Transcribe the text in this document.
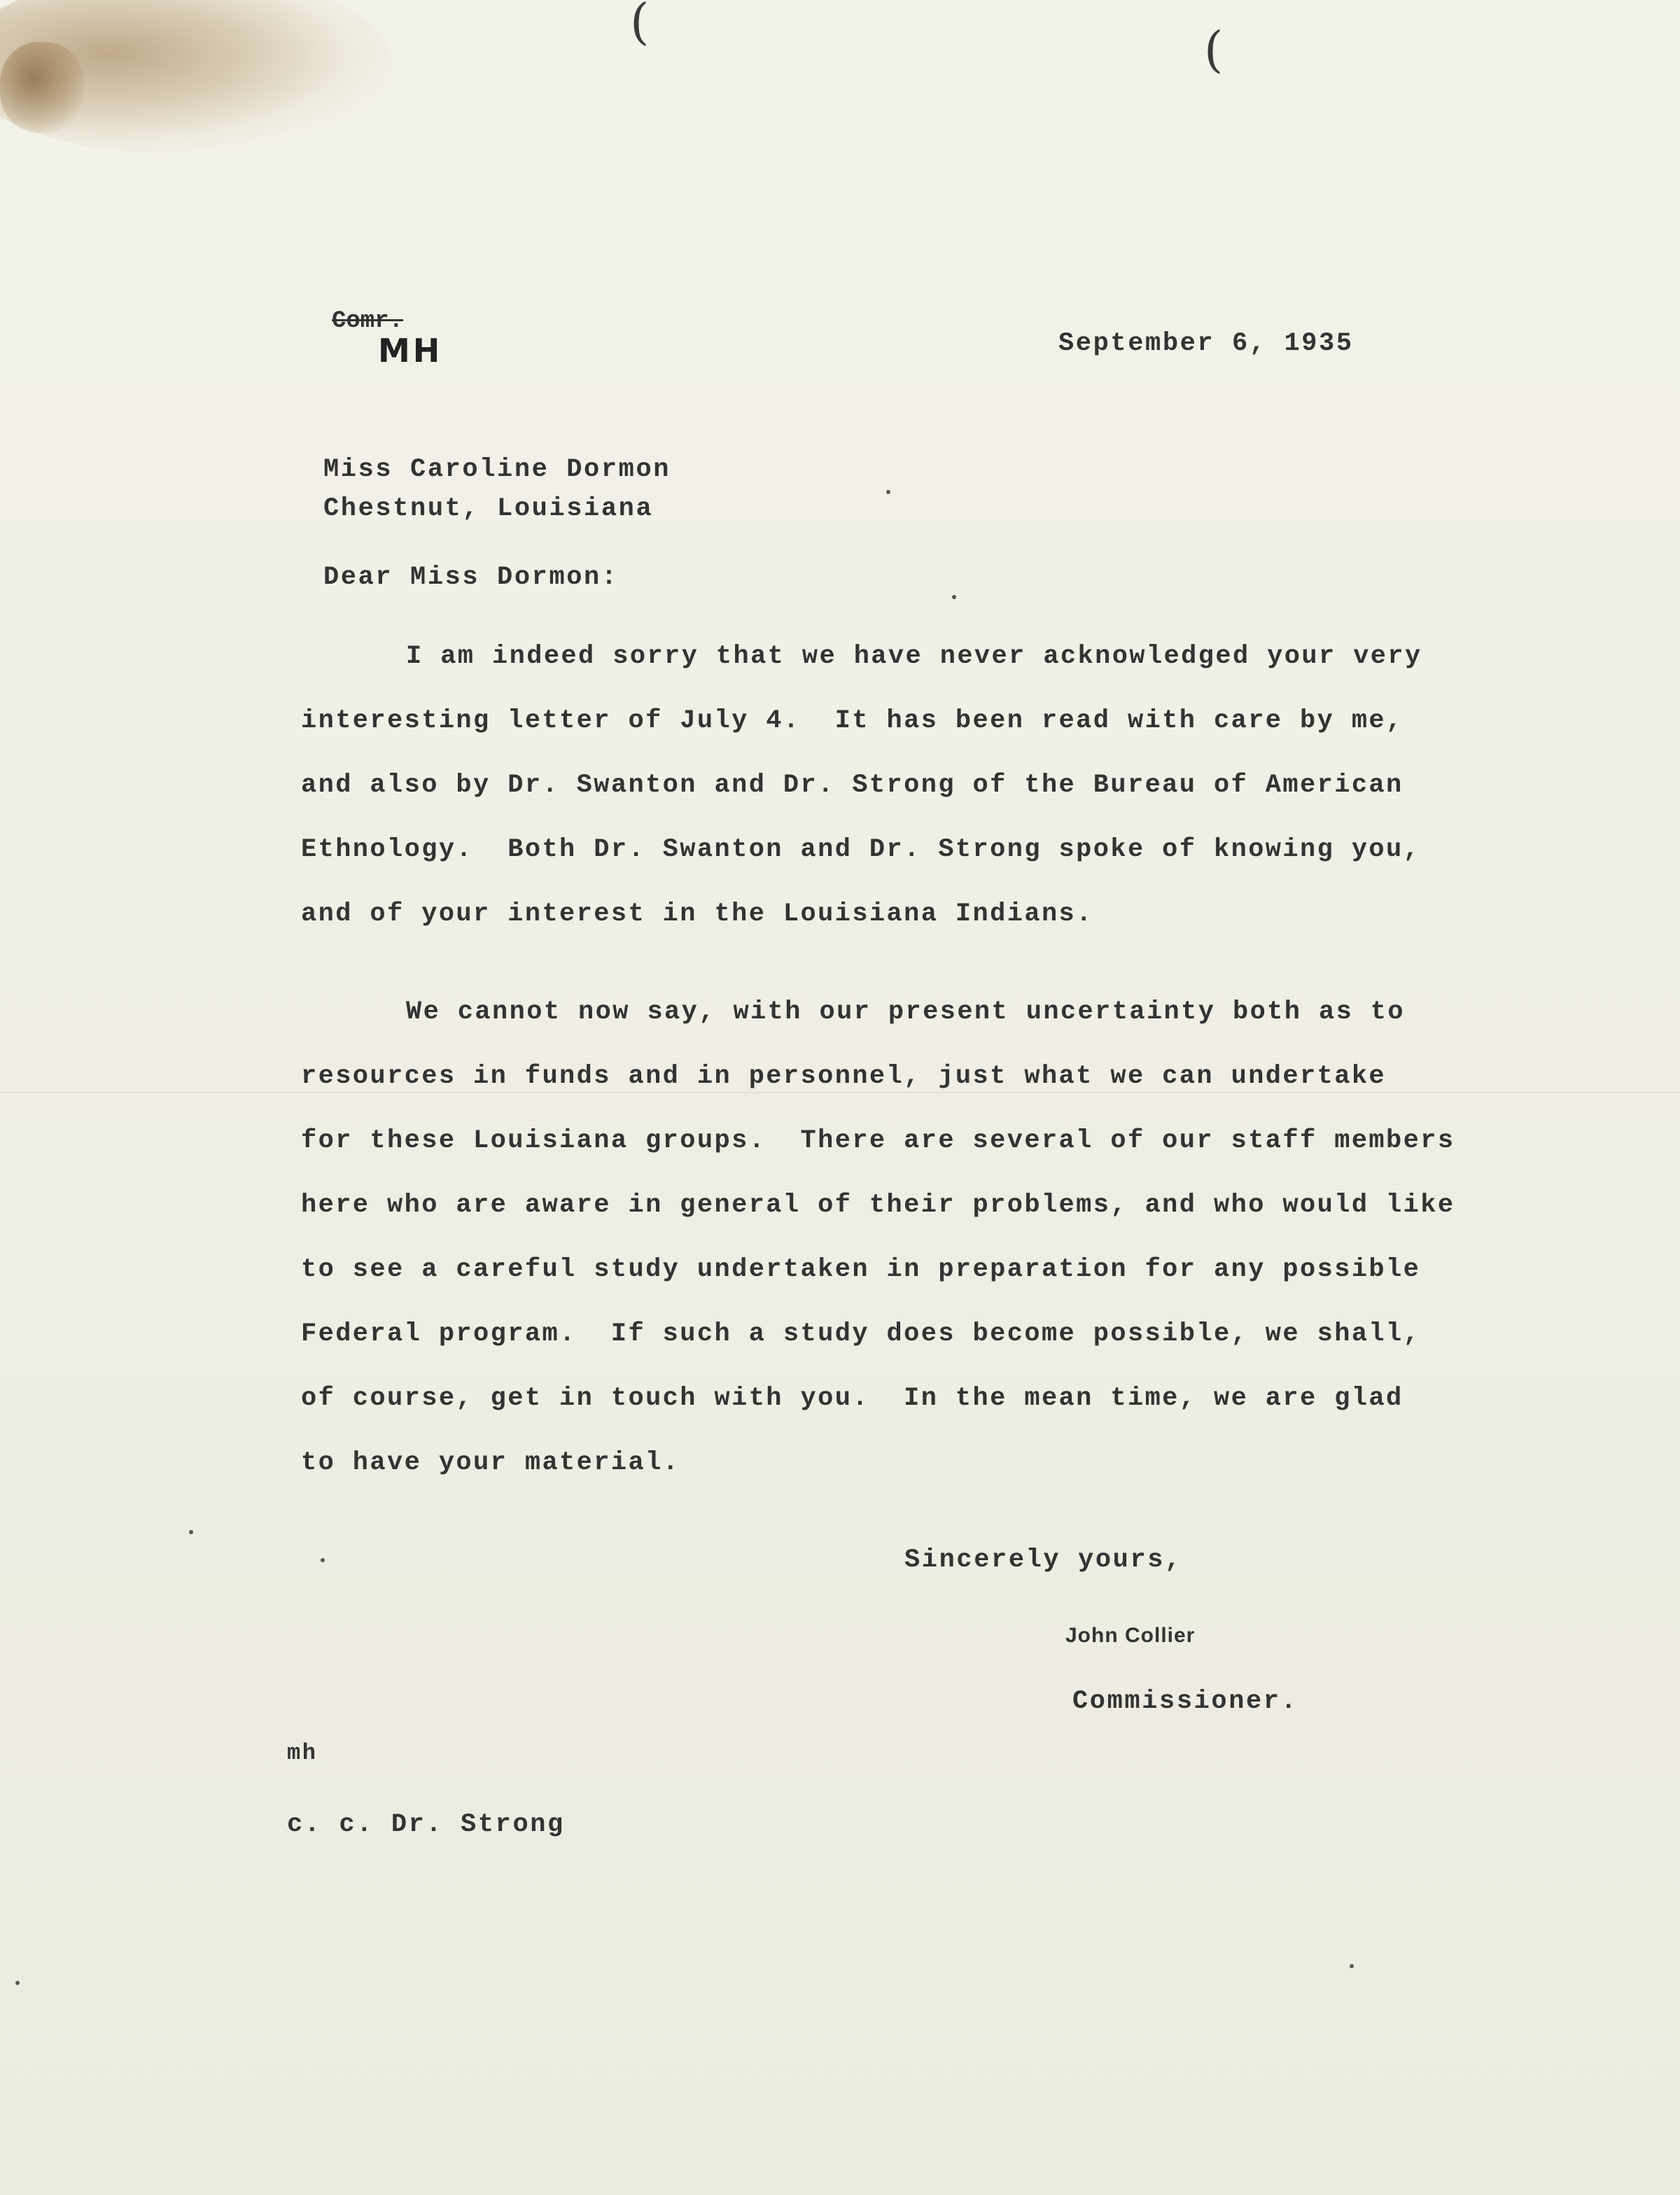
(	(
Comr.
MH	September 6, 1935
Miss Caroline Dormon
Chestnut, Louisiana
Dear Miss Dormon:
I am indeed sorry that we have never acknowledged your very
interesting letter of July 4.  It has been read with care by me,
and also by Dr. Swanton and Dr. Strong of the Bureau of American
Ethnology.  Both Dr. Swanton and Dr. Strong spoke of knowing you,
and of your interest in the Louisiana Indians.
We cannot now say, with our present uncertainty both as to
resources in funds and in personnel, just what we can undertake
for these Louisiana groups.  There are several of our staff members
here who are aware in general of their problems, and who would like
to see a careful study undertaken in preparation for any possible
Federal program.  If such a study does become possible, we shall,
of course, get in touch with you.  In the mean time, we are glad
to have your material.
Sincerely yours,
John Collier
Commissioner.
mh
c. c. Dr. Strong
